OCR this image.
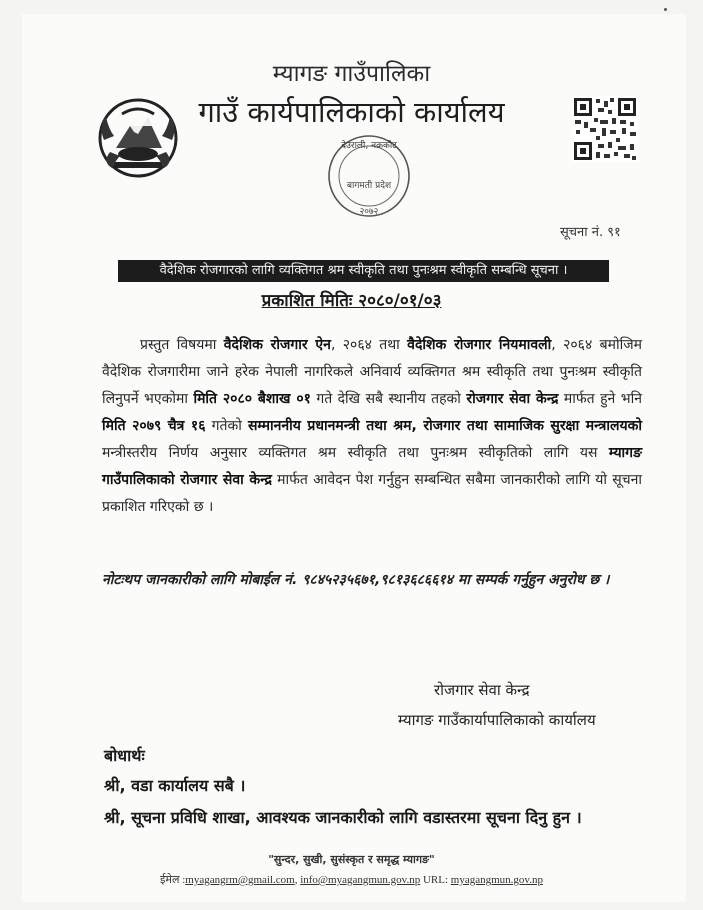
म्यागङ गाउँपालिका
गाउँ कार्यपालिकाको कार्यालय
देउराली, नक्रकोट
बागमती प्रदेश
२०७२
सूचना नं. ९१
वैदेशिक रोजगारको लागि व्यक्तिगत श्रम स्वीकृति तथा पुनःश्रम स्वीकृति सम्बन्धि सूचना ।
प्रकाशित मितिः २०८०/०१/०३
प्रस्तुत विषयमा वैदेशिक रोजगार ऐन, २०६४ तथा वैदेशिक रोजगार नियमावली, २०६४ बमोजिम वैदेशिक रोजगारीमा जाने हरेक नेपाली नागरिकले अनिवार्य व्यक्तिगत श्रम स्वीकृति तथा पुनःश्रम स्वीकृति लिनुपर्ने भएकोमा मिति २०८० बैशाख ०१ गते देखि सबै स्थानीय तहको रोजगार सेवा केन्द्र मार्फत हुने भनि मिति २०७९ चैत्र १६ गतेको सम्माननीय प्रधानमन्त्री तथा श्रम, रोजगार तथा सामाजिक सुरक्षा मन्त्रालयको मन्त्रीस्तरीय निर्णय अनुसार व्यक्तिगत श्रम स्वीकृति तथा पुनःश्रम स्वीकृतिको लागि यस म्यागङ गाउँपालिकाको रोजगार सेवा केन्द्र मार्फत आवेदन पेश गर्नुहुन सम्बन्धित सबैमा जानकारीको लागि यो सूचना प्रकाशित गरिएको छ ।
नोटःथप जानकारीको लागि मोबाईल नं. ९८४५२३५६७१,९८१३६८६६१४ मा सम्पर्क गर्नुहुन अनुरोध छ ।
रोजगार सेवा केन्द्र
म्यागङ गाउँकार्यापालिकाको कार्यालय
बोधार्थः
श्री, वडा कार्यालय सबै ।
श्री, सूचना प्रविधि शाखा, आवश्यक जानकारीको लागि वडास्तरमा सूचना दिनु हुन ।
"सुन्दर, सुखी, सुसंस्कृत र समृद्ध म्यागङ"
ईमेल :myagangrm@gmail.com, info@myagangmun.gov.np URL: myagangmun.gov.np
